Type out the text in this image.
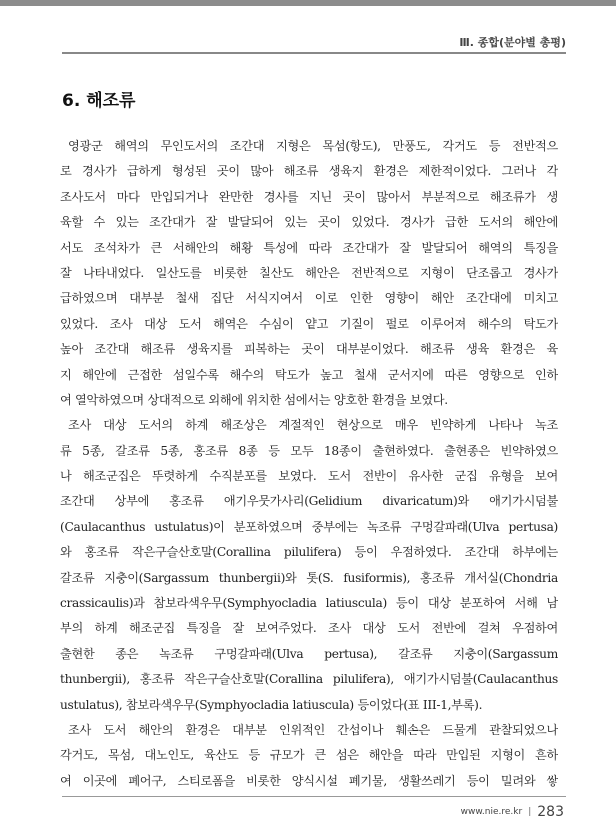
Ⅲ. 종합(분야별 총평)
6. 해조류
영광군 해역의 무인도서의 조간대 지형은 목섬(항도), 만풍도, 각거도 등 전반적으
로 경사가 급하게 형성된 곳이 많아 해조류 생육지 환경은 제한적이었다. 그러나 각
조사도서 마다 만입되거나 완만한 경사를 지닌 곳이 많아서 부분적으로 해조류가 생
육할 수 있는 조간대가 잘 발달되어 있는 곳이 있었다. 경사가 급한 도서의 해안에
서도 조석차가 큰 서해안의 해황 특성에 따라 조간대가 잘 발달되어 해역의 특징을
잘 나타내었다. 일산도를 비롯한 칠산도 해안은 전반적으로 지형이 단조롭고 경사가
급하였으며 대부분 철새 집단 서식지여서 이로 인한 영향이 해안 조간대에 미치고
있었다. 조사 대상 도서 해역은 수심이 얕고 기질이 펄로 이루어져 해수의 탁도가
높아 조간대 해조류 생육지를 피복하는 곳이 대부분이었다. 해조류 생육 환경은 육
지 해안에 근접한 섬일수록 해수의 탁도가 높고 철새 군서지에 따른 영향으로 인하
여 열악하였으며 상대적으로 외해에 위치한 섬에서는 양호한 환경을 보였다.
조사 대상 도서의 하계 해조상은 계절적인 현상으로 매우 빈약하게 나타나 녹조
류 5종, 갈조류 5종, 홍조류 8종 등 모두 18종이 출현하였다. 출현종은 빈약하였으
나 해조군집은 뚜렷하게 수직분포를 보였다. 도서 전반이 유사한 군집 유형을 보여
조간대 상부에 홍조류 애기우뭇가사리(Gelidium divaricatum)와 애기가시덤불
(Caulacanthus ustulatus)이 분포하였으며 중부에는 녹조류 구멍갈파래(Ulva pertusa)
와 홍조류 작은구슬산호말(Corallina pilulifera) 등이 우점하였다. 조간대 하부에는
갈조류 지충이(Sargassum thunbergii)와 톳(S. fusiformis), 홍조류 개서실(Chondria
crassicaulis)과 참보라색우무(Symphyocladia latiuscula) 등이 대상 분포하여 서해 남
부의 하계 해조군집 특징을 잘 보여주었다. 조사 대상 도서 전반에 걸쳐 우점하여
출현한 종은 녹조류 구멍갈파래(Ulva pertusa), 갈조류 지충이(Sargassum
thunbergii), 홍조류 작은구슬산호말(Corallina pilulifera), 애기가시덤불(Caulacanthus
ustulatus), 참보라색우무(Symphyocladia latiuscula) 등이었다(표 III-1,부록).
조사 도서 해안의 환경은 대부분 인위적인 간섭이나 훼손은 드물게 관찰되었으나
각거도, 목섬, 대노인도, 육산도 등 규모가 큰 섬은 해안을 따라 만입된 지형이 흔하
여 이곳에 폐어구, 스티로폼을 비롯한 양식시설 폐기물, 생활쓰레기 등이 밀려와 쌓
www.nie.re.kr | 283
